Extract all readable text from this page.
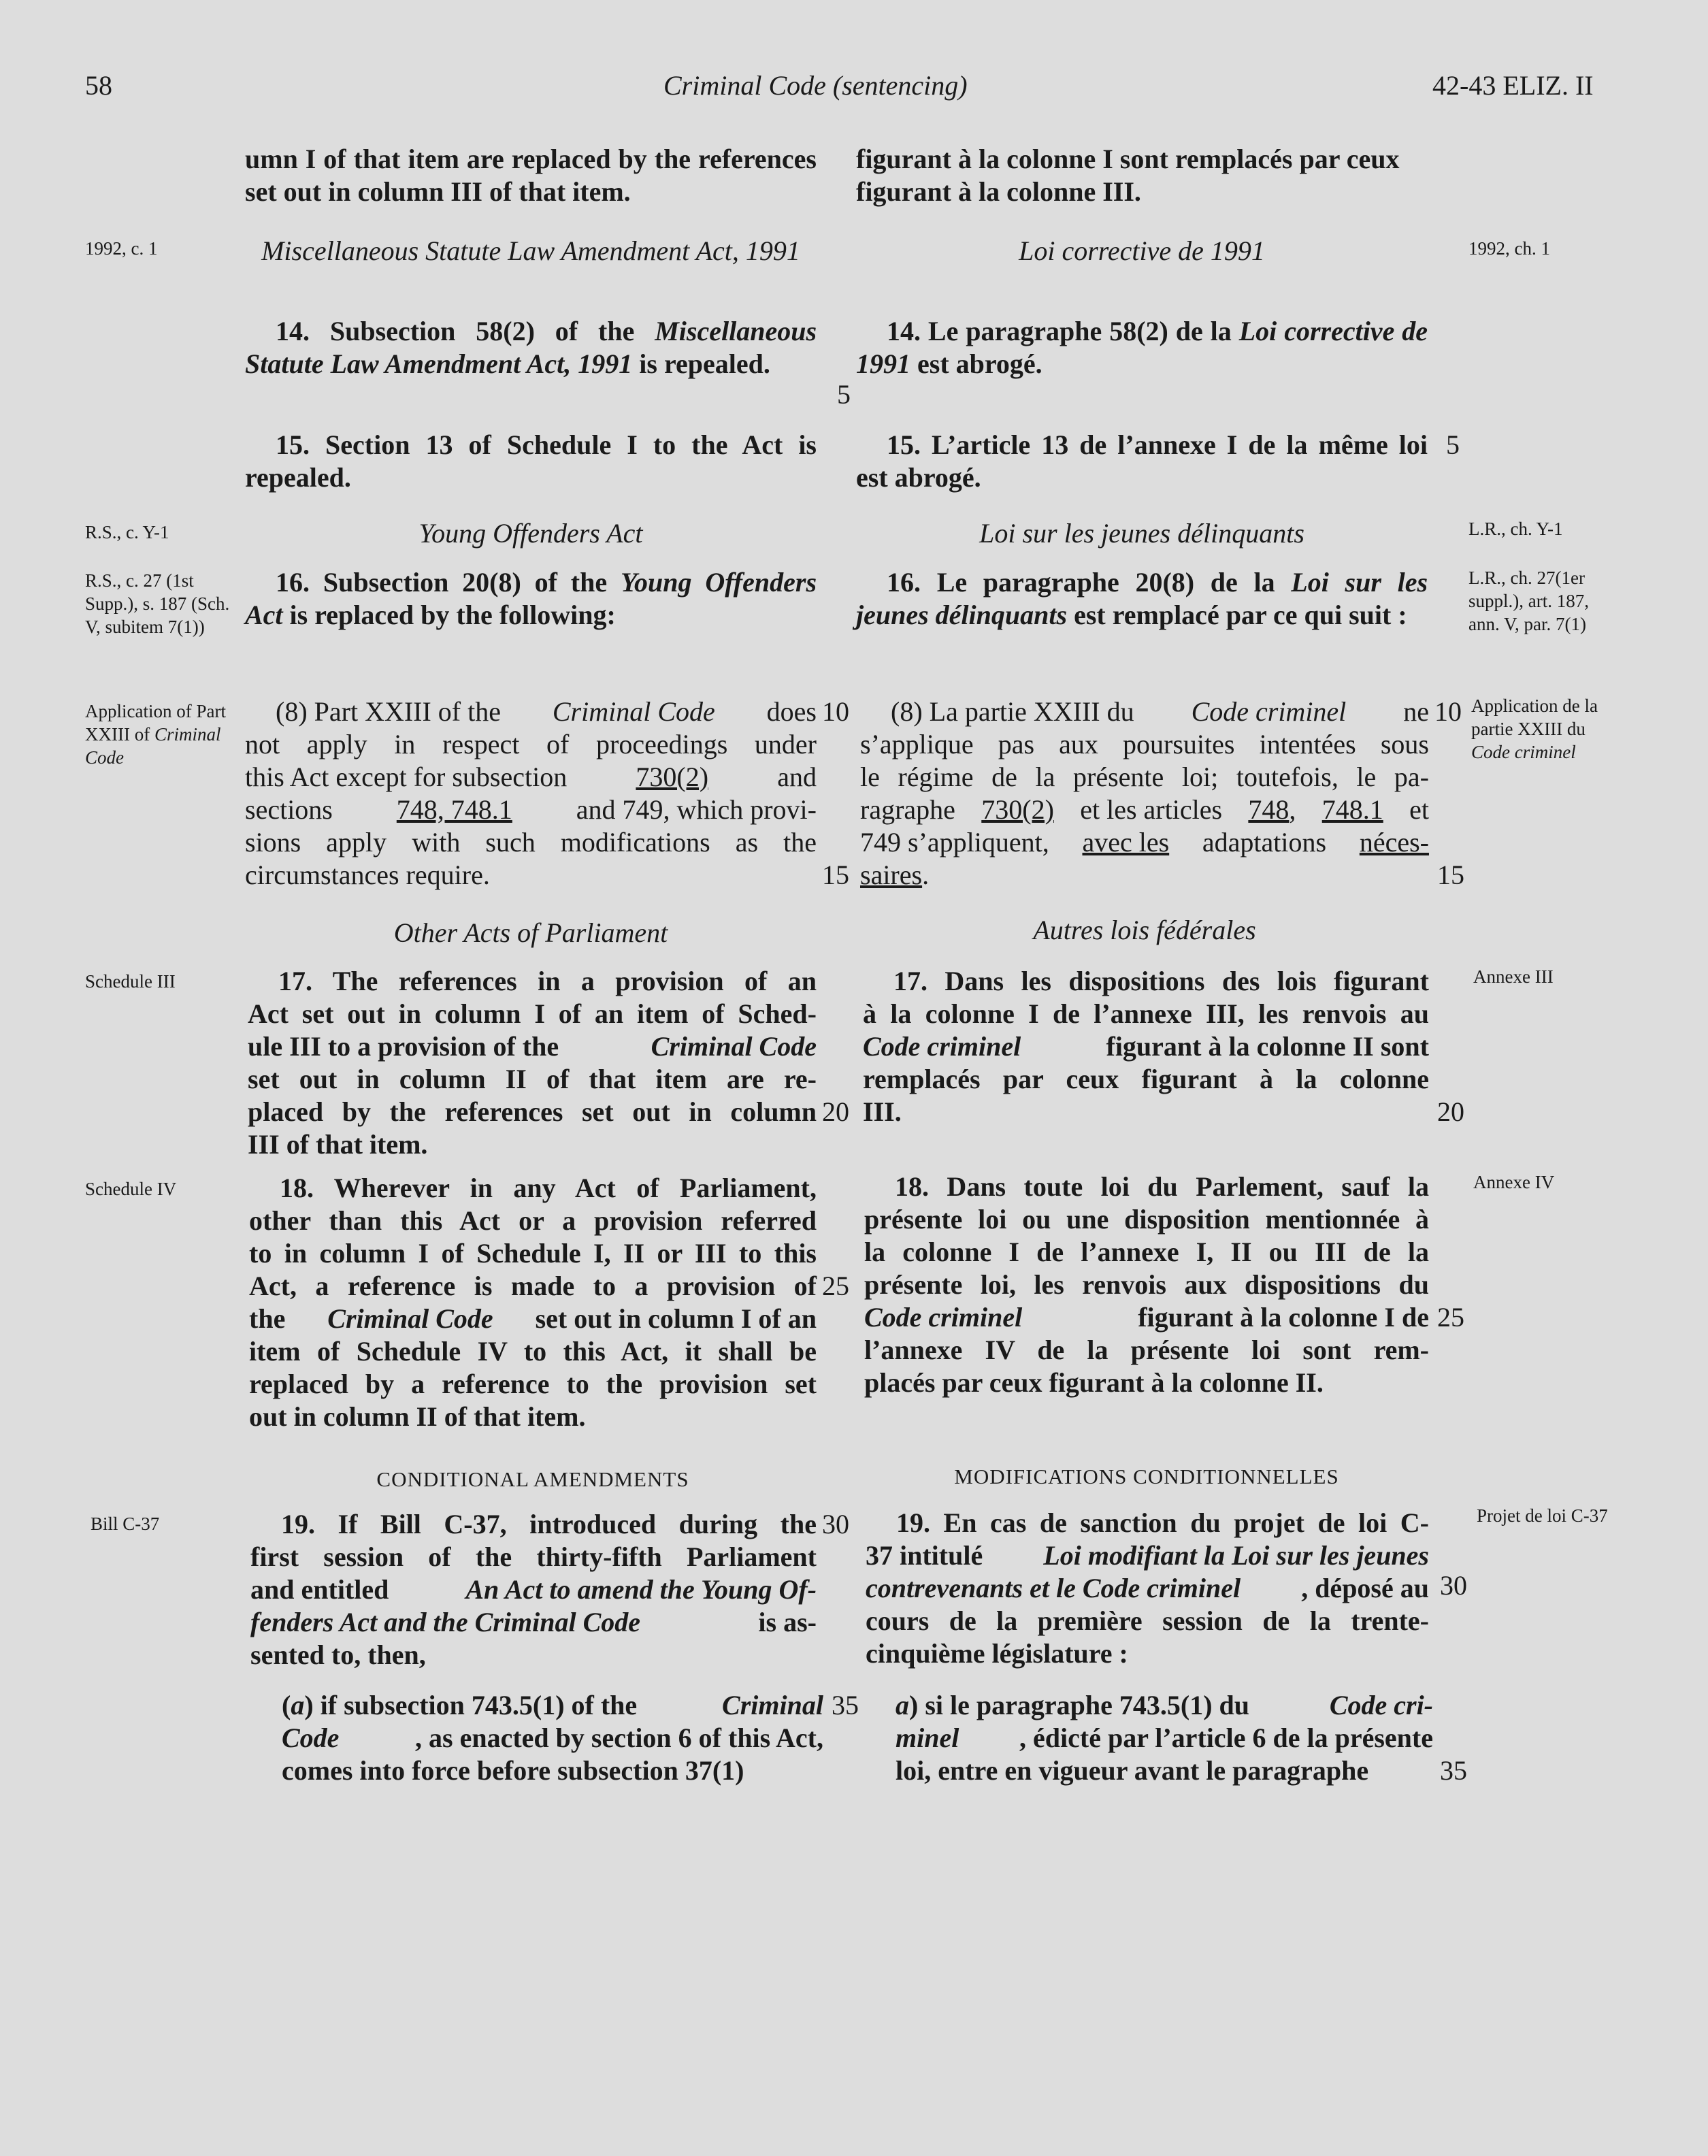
58	Criminal Code (sentencing)	42-43 ELIZ. II
umn I of that item are replaced by the references set out in column III of that item.
figurant à la colonne I sont remplacés par ceux figurant à la colonne III.
1992, c. 1	Miscellaneous Statute Law Amendment Act, 1991	Loi corrective de 1991	1992, ch. 1
14. Subsection 58(2) of the Miscellaneous Statute Law Amendment Act, 1991 is repealed.
14. Le paragraphe 58(2) de la Loi corrective de 1991 est abrogé.
5
15. Section 13 of Schedule I to the Act is repealed.
15. L’article 13 de l’annexe I de la même loi est abrogé.
5
R.S., c. Y-1	Young Offenders Act	Loi sur les jeunes délinquants	L.R., ch. Y-1
R.S., c. 27 (1st Supp.), s. 187 (Sch. V, subitem 7(1))
16. Subsection 20(8) of the Young Offenders Act is replaced by the following:
16. Le paragraphe 20(8) de la Loi sur les jeunes délinquants est remplacé par ce qui suit :
L.R., ch. 27(1er suppl.), art. 187, ann. V, par. 7(1)
Application of Part XXIII of Criminal Code
(8) Part XXIII of the Criminal Code does
not apply in respect of proceedings under
this Act except for subsection	730(2)	and
sections 748, 748.1 and 749, which provi-
sions apply with such modifications as the
circumstances require.
10
15
(8) La partie XXIII du Code criminel ne
s’applique pas aux poursuites intentées sous
le régime de la présente loi; toutefois, le pa-
ragraphe 730(2) et les articles 748, 748.1 et
749 s’appliquent, avec les adaptations néces-
saires.
10
15
Application de la partie XXIII du Code criminel
Other Acts of Parliament	Autres lois fédérales
Schedule III	17. The references in a provision of an
Act set out in column I of an item of Sched-
ule III to a provision of the	Criminal Code
set out in column II of that item are re-
placed by the references set out in column
III of that item.
20
17. Dans les dispositions des lois figurant
à la colonne I de l’annexe III, les renvois au
Code criminel	figurant à la colonne II sont
remplacés par ceux figurant à la colonne
III.	20
Annexe III
Schedule IV	18. Wherever in any Act of Parliament,
other than this Act or a provision referred
to in column I of Schedule I, II or III to this
Act, a reference is made to a provision of
the Criminal Code set out in column I of an
item of Schedule IV to this Act, it shall be
replaced by a reference to the provision set
out in column II of that item.
25
18. Dans toute loi du Parlement, sauf la
présente loi ou une disposition mentionnée à
la colonne I de l’annexe I, II ou III de la
présente loi, les renvois aux dispositions du
Code criminel	figurant à la colonne I de
l’annexe IV de la présente loi sont rem-
placés par ceux figurant à la colonne II.
25
Annexe IV
CONDITIONAL AMENDMENTS	MODIFICATIONS CONDITIONNELLES
Bill C-37	19. If Bill C-37, introduced during the
first session of the thirty-fifth Parliament
and entitled	An Act to amend the Young Of-
fenders Act and the Criminal Code	is as-
sented to, then,
30	19. En cas de sanction du projet de loi C-
37 intitulé Loi modifiant la Loi sur les jeunes
contrevenants et le Code criminel , déposé au
cours de la première session de la trente-
cinquième législature :
30
Projet de loi C-37
(a) if subsection 743.5(1) of the	Criminal
Code	, as enacted by section 6 of this Act,
comes into force before subsection 37(1)
35 a) si le paragraphe 743.5(1) du	Code cri-
minel , édicté par l’article 6 de la présente
loi, entre en vigueur avant le paragraphe	35
